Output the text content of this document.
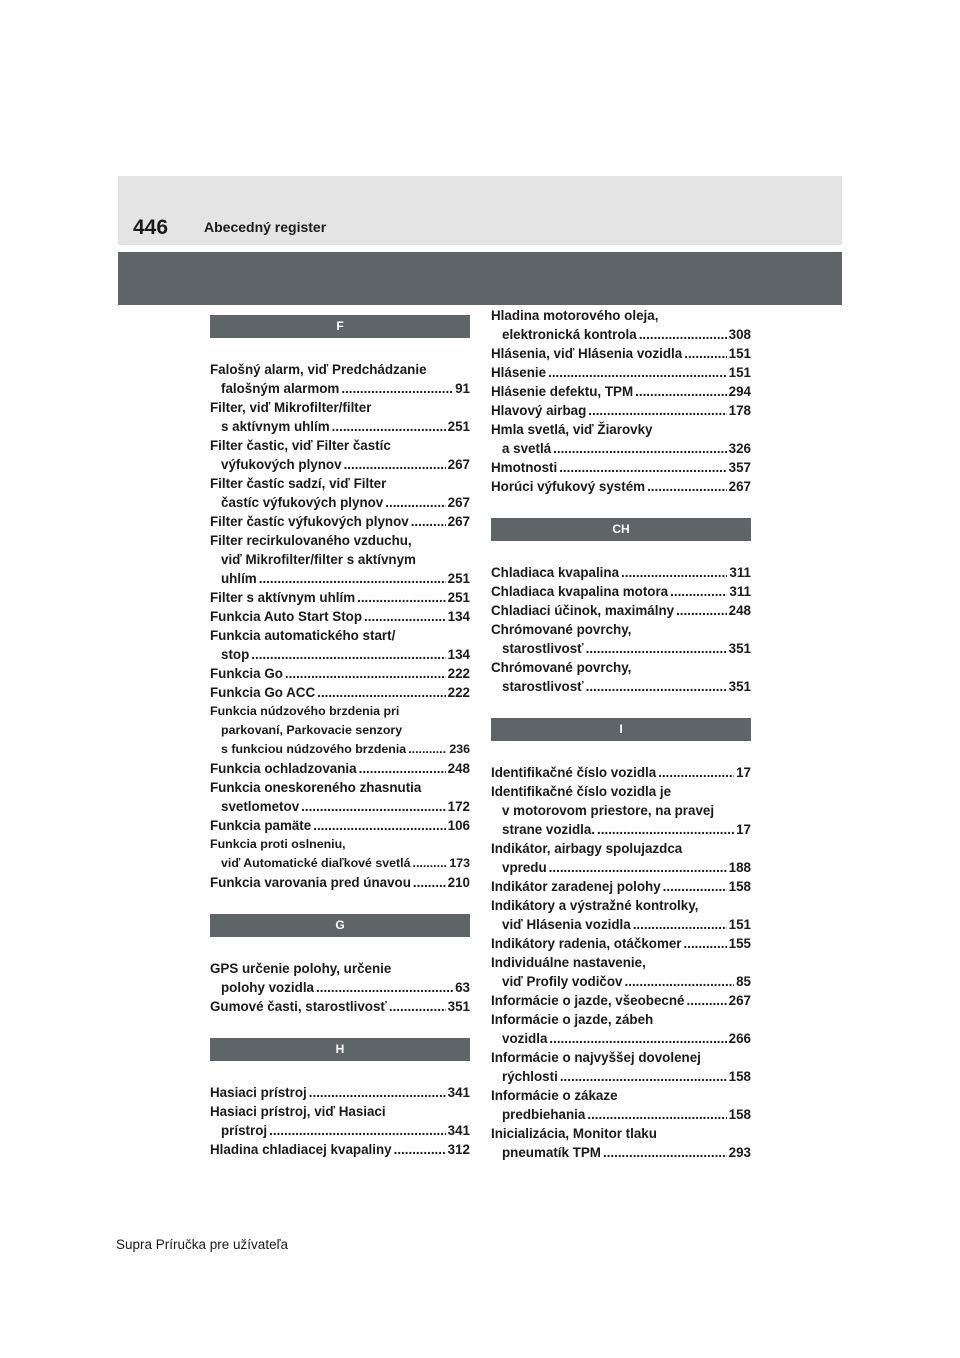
446	Abecedný register
F
Falošný alarm, viď Predchádzanie
falošným alarmom .....	91
Filter, viď Mikrofilter/filter
s aktívnym uhlím .....	251
Filter častic, viď Filter častíc
výfukových plynov .....	267
Filter častíc sadzí, viď Filter
častíc výfukových plynov .....	267
Filter častíc výfukových plynov .....	267
Filter recirkulovaného vzduchu,
viď Mikrofilter/filter s aktívnym
uhlím .....	251
Filter s aktívnym uhlím .....	251
Funkcia Auto Start Stop .....	134
Funkcia automatického start/
stop .....	134
Funkcia Go .....	222
Funkcia Go ACC .....	222
Funkcia núdzového brzdenia pri
parkovaní, Parkovacie senzory
s funkciou núdzového brzdenia .....	236
Funkcia ochladzovania .....	248
Funkcia oneskoreného zhasnutia
svetlometov .....	172
Funkcia pamäte .....	106
Funkcia proti oslneniu,
viď Automatické diaľkové svetlá .....	173
Funkcia varovania pred únavou .....	210
G
GPS určenie polohy, určenie
polohy vozidla .....	63
Gumové časti, starostlivosť .....	351
H
Hasiaci prístroj .....	341
Hasiaci prístroj, viď Hasiaci
prístroj .....	341
Hladina chladiacej kvapaliny .....	312
Hladina motorového oleja,
elektronická kontrola .....	308
Hlásenia, viď Hlásenia vozidla .....	151
Hlásenie .....	151
Hlásenie defektu, TPM .....	294
Hlavový airbag .....	178
Hmla svetlá, viď Žiarovky
a svetlá .....	326
Hmotnosti .....	357
Horúci výfukový systém .....	267
CH
Chladiaca kvapalina .....	311
Chladiaca kvapalina motora .....	311
Chladiaci účinok, maximálny .....	248
Chrómované povrchy,
starostlivosť .....	351
Chrómované povrchy,
starostlivosť .....	351
I
Identifikačné číslo vozidla .....	17
Identifikačné číslo vozidla je
v motorovom priestore, na pravej
strane vozidla. .....	17
Indikátor, airbagy spolujazdca
vpredu .....	188
Indikátor zaradenej polohy .....	158
Indikátory a výstražné kontrolky,
viď Hlásenia vozidla .....	151
Indikátory radenia, otáčkomer .....	155
Individuálne nastavenie,
viď Profily vodičov .....	85
Informácie o jazde, všeobecné .....	267
Informácie o jazde, zábeh
vozidla .....	266
Informácie o najvyššej dovolenej
rýchlosti .....	158
Informácie o zákaze
predbiehania .....	158
Inicializácia, Monitor tlaku
pneumatík TPM .....	293
Supra Príručka pre užívateľa
